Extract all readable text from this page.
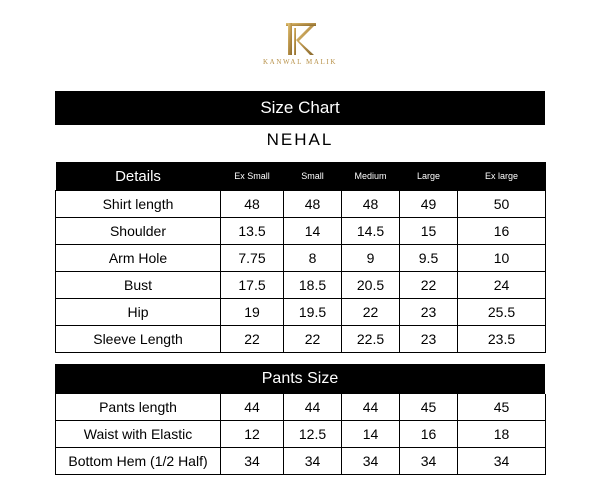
KANWAL MALIK
Size Chart
NEHAL
Details	Ex Small	Small	Medium	Large	Ex large
Shirt length	48	48	48	49	50
Shoulder	13.5	14	14.5	15	16
Arm Hole	7.75	8	9	9.5	10
Bust	17.5	18.5	20.5	22	24
Hip	19	19.5	22	23	25.5
Sleeve Length	22	22	22.5	23	23.5
Pants Size
Pants length	44	44	44	45	45
Waist with Elastic	12	12.5	14	16	18
Bottom Hem (1/2 Half)	34	34	34	34	34
